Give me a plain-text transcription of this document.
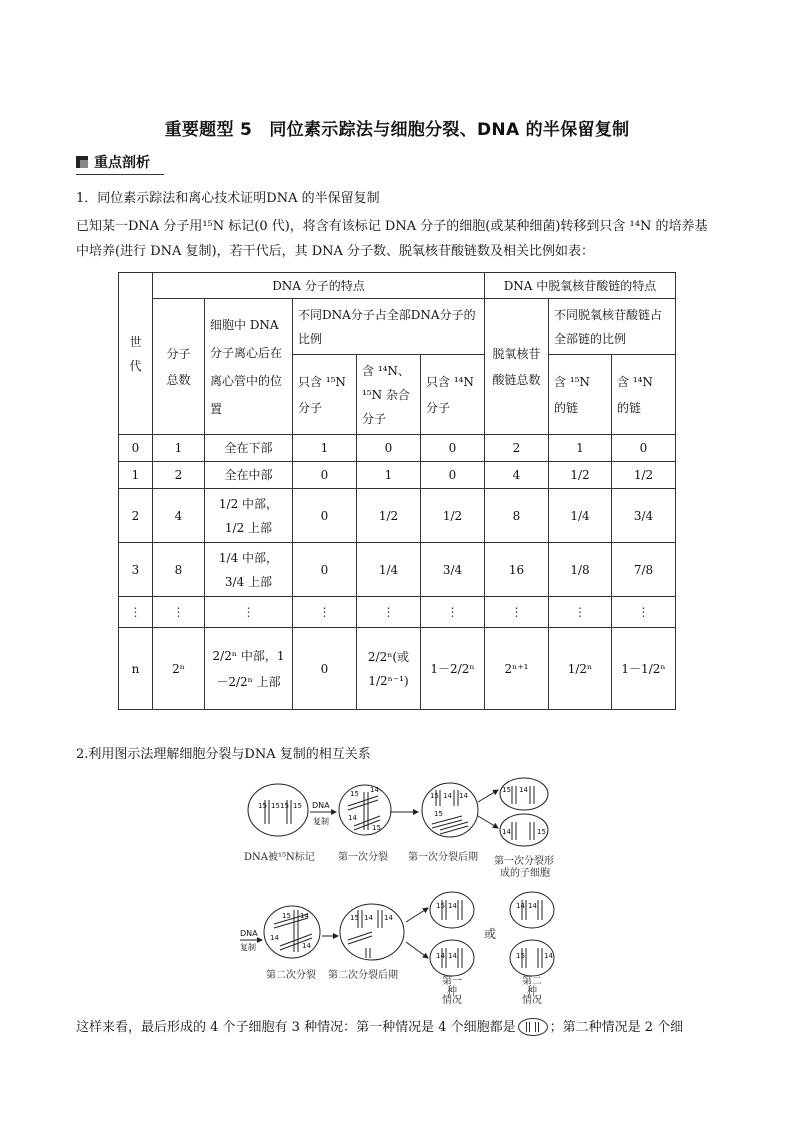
重要题型 5　同位素示踪法与细胞分裂、DNA 的半保留复制
重点剖析
1．同位素示踪法和离心技术证明DNA 的半保留复制
已知某一DNA 分子用¹⁵N 标记(0 代)，将含有该标记 DNA 分子的细胞(或某种细菌)转移到只含 ¹⁴N 的培养基
中培养(进行 DNA 复制)，若干代后，其 DNA 分子数、脱氧核苷酸链数及相关比例如表：
世代	DNA 分子的特点					DNA 中脱氧核苷酸链的特点		
	分子总数	细胞中 DNA 分子离心后在离心管中的位置	不同DNA分子占全部DNA分子的比例			脱氧核苷酸链总数	不同脱氧核苷酸链占全部链的比例	
			只含 ¹⁵N 分子	含 ¹⁴N、¹⁵N 杂合分子	只含 ¹⁴N 分子		含 ¹⁵N 的链	含 ¹⁴N 的链
0	1	全在下部	1	0	0	2	1	0
1	2	全在中部	0	1	0	4	1/2	1/2
2	4	1/2 中部，1/2 上部	0	1/2	1/2	8	1/4	3/4
3	8	1/4 中部，3/4 上部	0	1/4	3/4	16	1/8	7/8
⋮	⋮	⋮	⋮	⋮	⋮	⋮	⋮	⋮
n	2ⁿ	2/2ⁿ 中部，1－2/2ⁿ 上部	0	2/2ⁿ(或 1/2ⁿ⁻¹)	1－2/2ⁿ	2ⁿ⁺¹	1/2ⁿ	1－1/2ⁿ
2.利用图示法理解细胞分裂与DNA 复制的相互关系
15 15 15 15
15 14
14
15
15 14 14
15
15 14
14	15
15 14
14
14
15 14 14
15 14
14 14
14 14
15	14
DNA
复制
DNA
复制
DNA被¹⁵N标记 第一次分裂 第一次分裂后期 第一次分裂形
成的子细胞
第二次分裂 第二次分裂后期
或
第一
种
情况
第二
种
情况
这样来看，最后形成的 4 个子细胞有 3 种情况：第一种情况是 4 个细胞都是	；第二种情况是 2 个细
